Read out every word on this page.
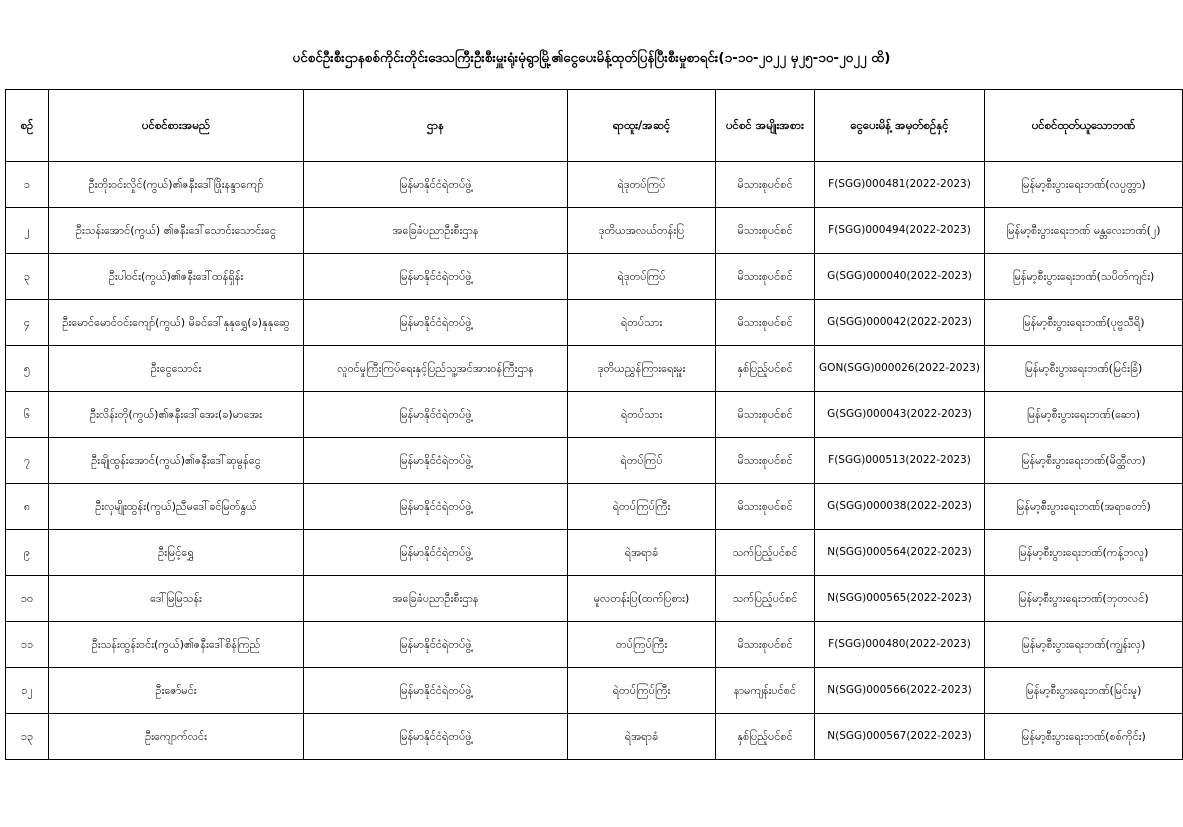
ပင်စင်ဦးစီးဌာနစစ်ကိုင်းတိုင်းဒေသကြီးဦးစီးမှူးရုံးမုံရွာမြို့၏ငွေပေးမိန့်ထုတ်ပြန်ပြီးစီးမှုစာရင်း(၁-၁၀-၂၀၂၂ မှ၂၅-၁၀-၂၀၂၂ ထိ)
စဉ်	ပင်စင်စားအမည်	ဌာန	ရာထူး/အဆင့်	ပင်စင် အမျိုးအစား	ငွေပေးမိန့် အမှတ်စဉ်နှင့်	ပင်စင်ထုတ်ယူသောဘဏ်
၁	ဦးတိုးဝင်းလှိုင်(ကွယ်)၏ဇနီးဒေါ်ဖြိုးနန္ဒာကျော်	မြန်မာနိုင်ငံရဲတပ်ဖွဲ့	ရဲဒုတပ်ကြပ်	မိသားစုပင်စင်	F(SGG)000481(2022-2023)	မြန်မာ့စီးပွားရေးဘဏ်(လပ္ပတ္တာ)
၂	ဦးသန်းအောင်(ကွယ်) ၏ဇနီးဒေါ်သောင်းသောင်းငွေ	အခြေခံပညာဦးစီးဌာန	ဒုတိယအလယ်တန်းပြ	မိသားစုပင်စင်	F(SGG)000494(2022-2023)	မြန်မာ့စီးပွားရေးဘဏ် မန္တလေးဘဏ်(၂)
၃	ဦးပါဝင်း(ကွယ်)၏ဇနီးဒေါ်ထန်ရှိန်း	မြန်မာနိုင်ငံရဲတပ်ဖွဲ့	ရဲဒုတပ်ကြပ်	မိသားစုပင်စင်	G(SGG)000040(2022-2023)	မြန်မာ့စီးပွားရေးဘဏ်(သပိတ်ကျင်း)
၄	ဦးမောင်မောင်ဝင်းကျော်(ကွယ်) မိခင်ဒေါ်နုနုရွှေ(ခ)နုနုဆွေ	မြန်မာနိုင်ငံရဲတပ်ဖွဲ့	ရဲတပ်သား	မိသားစုပင်စင်	G(SGG)000042(2022-2023)	မြန်မာ့စီးပွားရေးဘဏ်(ပုဗ္ဗသီရိ)
၅	ဦးငွေသောင်း	လူဝင်မှုကြီးကြပ်ရေးနှင့်ပြည်သူ့အင်အားဝန်ကြီးဌာန	ဒုတိယညွှန်ကြားရေးမှူး	နှစ်ပြည့်ပင်စင်	GON(SGG)000026(2022-2023)	မြန်မာ့စီးပွားရေးဘဏ်(မြင်းခြံ)
၆	ဦးလိန်းတို(ကွယ်)၏ဇနီးဒေါ်အေး(ခ)မာအေး	မြန်မာနိုင်ငံရဲတပ်ဖွဲ့	ရဲတပ်သား	မိသားစုပင်စင်	G(SGG)000043(2022-2023)	မြန်မာ့စီးပွားရေးဘဏ်(ဆော)
၇	ဦးချိုထွန်းအောင်(ကွယ်)၏ဇနီးဒေါ်ဆုမွန်ငွေ	မြန်မာနိုင်ငံရဲတပ်ဖွဲ့	ရဲတပ်ကြပ်	မိသားစုပင်စင်	F(SGG)000513(2022-2023)	မြန်မာ့စီးပွားရေးဘဏ်(မိတ္ထီလာ)
၈	ဦးလှမျိုးထွန်း(ကွယ်)ညီမဒေါ်ခင်မြတ်နွယ်	မြန်မာနိုင်ငံရဲတပ်ဖွဲ့	ရဲတပ်ကြပ်ကြီး	မိသားစုပင်စင်	G(SGG)000038(2022-2023)	မြန်မာ့စီးပွားရေးဘဏ်(အရာတော်)
၉	ဦးမြင့်ရွှေ	မြန်မာနိုင်ငံရဲတပ်ဖွဲ့	ရဲအရာခံ	သက်ပြည့်ပင်စင်	N(SGG)000564(2022-2023)	မြန်မာ့စီးပွားရေးဘဏ်(ကန့်ဘလူ)
၁၀	ဒေါ်မြမြသန်း	အခြေခံပညာဦးစီးဌာန	မူလတန်းပြ(ထက်ပြစား)	သက်ပြည့်ပင်စင်	N(SGG)000565(2022-2023)	မြန်မာ့စီးပွားရေးဘဏ်(ဘုတလင်)
၁၁	ဦးသန်းထွန်းဝင်း(ကွယ်)၏ဇနီးဒေါ်စိန်ကြည်	မြန်မာနိုင်ငံရဲတပ်ဖွဲ့	တပ်ကြပ်ကြီး	မိသားစုပင်စင်	F(SGG)000480(2022-2023)	မြန်မာ့စီးပွားရေးဘဏ်(ကျွန်းလှ)
၁၂	ဦးဇော်မင်း	မြန်မာနိုင်ငံရဲတပ်ဖွဲ့	ရဲတပ်ကြပ်ကြီး	နာမကျန်းပင်စင်	N(SGG)000566(2022-2023)	မြန်မာ့စီးပွားရေးဘဏ်(မြင်းမူ)
၁၃	ဦးကျောက်လင်း	မြန်မာနိုင်ငံရဲတပ်ဖွဲ့	ရဲအရာခံ	နှစ်ပြည့်ပင်စင်	N(SGG)000567(2022-2023)	မြန်မာ့စီးပွားရေးဘဏ်(စစ်ကိုင်း)
